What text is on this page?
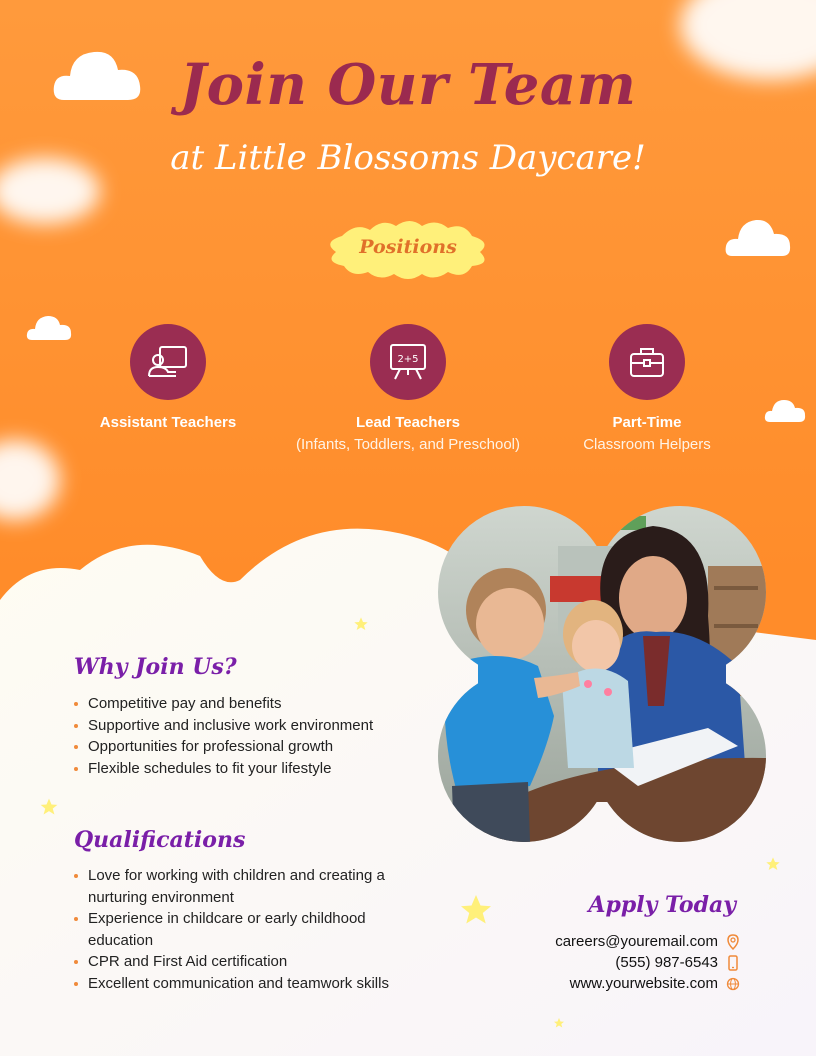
Join Our Team
at Little Blossoms Daycare!
Positions
Assistant Teachers
2+5
Lead Teachers
(Infants, Toddlers, and Preschool)
Part-Time
Classroom Helpers
Why Join Us?
Competitive pay and benefits
Supportive and inclusive work environment
Opportunities for professional growth
Flexible schedules to fit your lifestyle
Qualifications
Love for working with children and creating a nurturing environment
Experience in childcare or early childhood education
CPR and First Aid certification
Excellent communication and teamwork skills
Apply Today
careers@youremail.com
(555) 987-6543
www.yourwebsite.com
